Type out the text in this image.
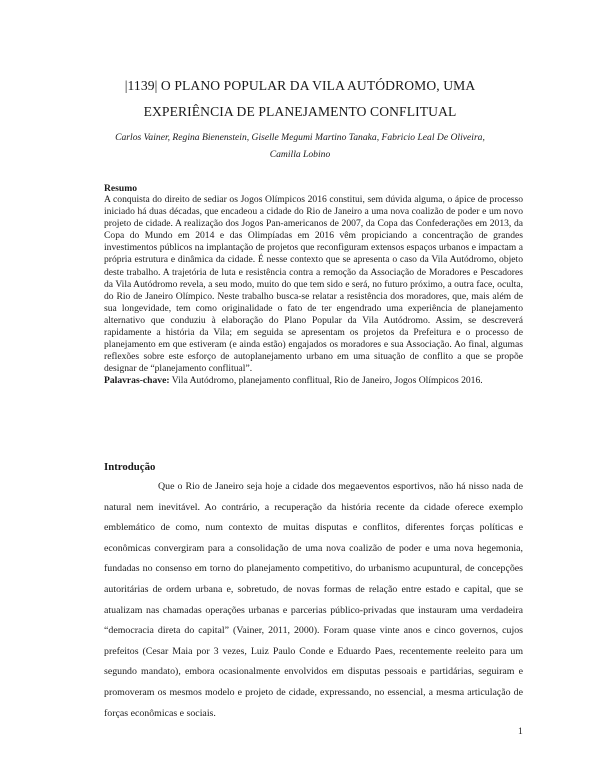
|1139| O PLANO POPULAR DA VILA AUTÓDROMO, UMA
EXPERIÊNCIA DE PLANEJAMENTO CONFLITUAL
Carlos Vainer, Regina Bienenstein, Giselle Megumi Martino Tanaka, Fabricio Leal De Oliveira,
Camilla Lobino
Resumo
A conquista do direito de sediar os Jogos Olímpicos 2016 constitui, sem dúvida alguma, o ápice de processo iniciado há duas décadas, que encadeou a cidade do Rio de Janeiro a uma nova coalizão de poder e um novo projeto de cidade. A realização dos Jogos Pan-americanos de 2007, da Copa das Confederações em 2013, da Copa do Mundo em 2014 e das Olimpíadas em 2016 vêm propiciando a concentração de grandes investimentos públicos na implantação de projetos que reconfiguram extensos espaços urbanos e impactam a própria estrutura e dinâmica da cidade. É nesse contexto que se apresenta o caso da Vila Autódromo, objeto deste trabalho. A trajetória de luta e resistência contra a remoção da Associação de Moradores e Pescadores da Vila Autódromo revela, a seu modo, muito do que tem sido e será, no futuro próximo, a outra face, oculta, do Rio de Janeiro Olímpico. Neste trabalho busca-se relatar a resistência dos moradores, que, mais além de sua longevidade, tem como originalidade o fato de ter engendrado uma experiência de planejamento alternativo que conduziu à elaboração do Plano Popular da Vila Autódromo. Assim, se descreverá rapidamente a história da Vila; em seguida se apresentam os projetos da Prefeitura e o processo de planejamento em que estiveram (e ainda estão) engajados os moradores e sua Associação. Ao final, algumas reflexões sobre este esforço de autoplanejamento urbano em uma situação de conflito a que se propõe designar de “planejamento conflitual”.
Palavras-chave: Vila Autódromo, planejamento conflitual, Rio de Janeiro, Jogos Olímpicos 2016.
Introdução

Que o Rio de Janeiro seja hoje a cidade dos megaeventos esportivos, não há nisso nada de natural nem inevitável. Ao contrário, a recuperação da história recente da cidade oferece exemplo emblemático de como, num contexto de muitas disputas e conflitos, diferentes forças políticas e econômicas convergiram para a consolidação de uma nova coalizão de poder e uma nova hegemonia, fundadas no consenso em torno do planejamento competitivo, do urbanismo acupuntural, de concepções autoritárias de ordem urbana e, sobretudo, de novas formas de relação entre estado e capital, que se atualizam nas chamadas operações urbanas e parcerias público-privadas que instauram uma verdadeira “democracia direta do capital” (Vainer, 2011, 2000). Foram quase vinte anos e cinco governos, cujos prefeitos (Cesar Maia por 3 vezes, Luiz Paulo Conde e Eduardo Paes, recentemente reeleito para um segundo mandato), embora ocasionalmente envolvidos em disputas pessoais e partidárias, seguiram e promoveram os mesmos modelo e projeto de cidade, expressando, no essencial, a mesma articulação de forças econômicas e sociais.

1
